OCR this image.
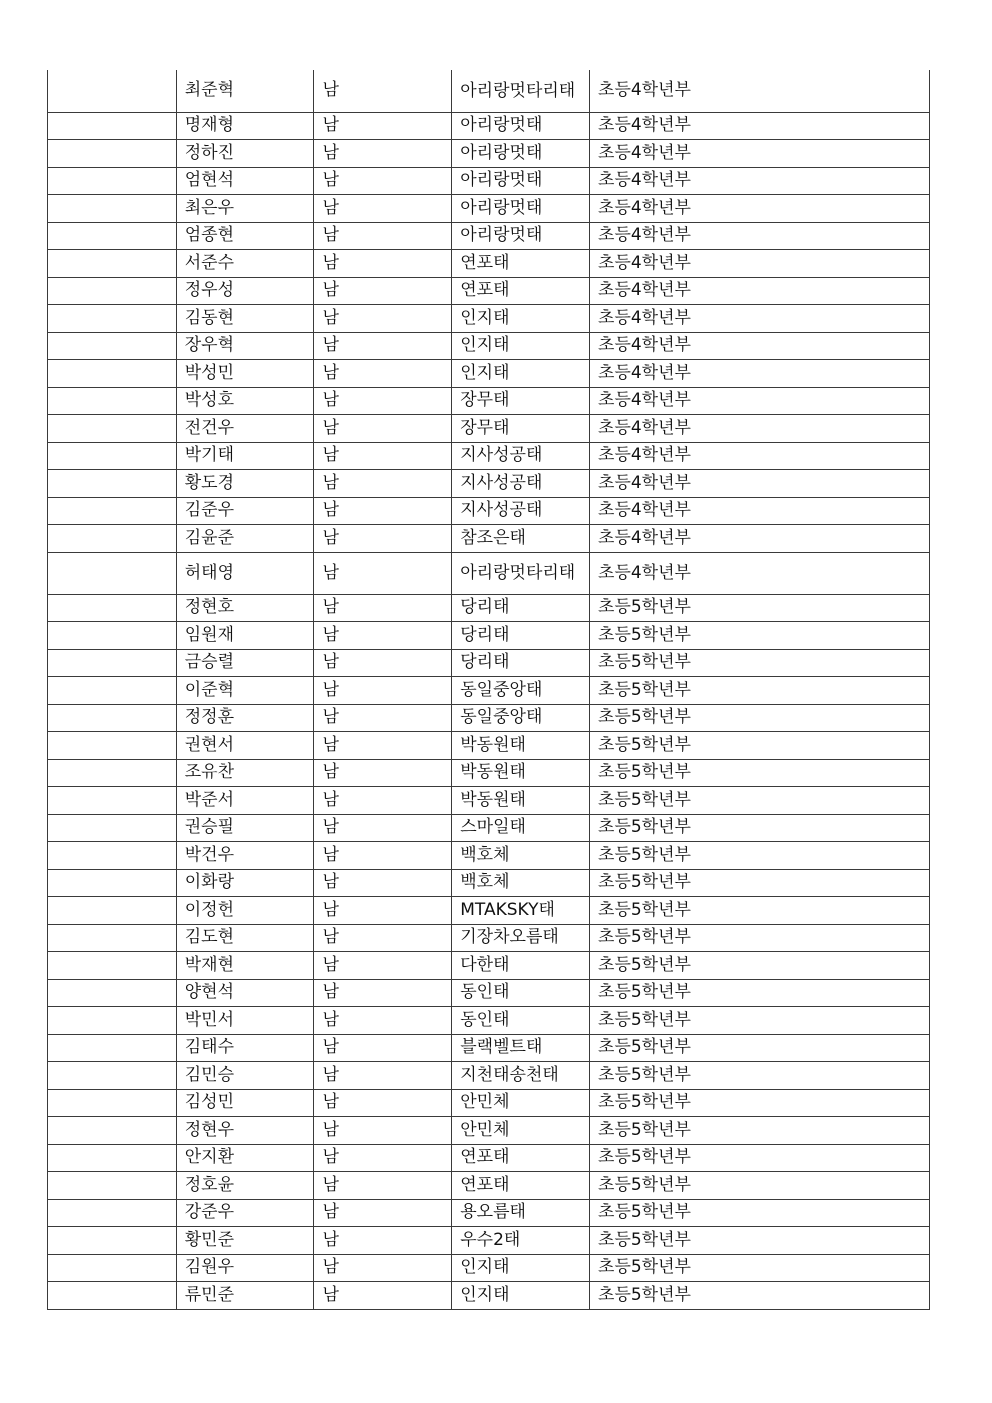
	최준혁	남	아리랑멋타리태	초등4학년부
	명재형	남	아리랑멋태	초등4학년부
	정하진	남	아리랑멋태	초등4학년부
	엄현석	남	아리랑멋태	초등4학년부
	최은우	남	아리랑멋태	초등4학년부
	엄종현	남	아리랑멋태	초등4학년부
	서준수	남	연포태	초등4학년부
	정우성	남	연포태	초등4학년부
	김동현	남	인지태	초등4학년부
	장우혁	남	인지태	초등4학년부
	박성민	남	인지태	초등4학년부
	박성호	남	장무태	초등4학년부
	전건우	남	장무태	초등4학년부
	박기태	남	지사성공태	초등4학년부
	황도경	남	지사성공태	초등4학년부
	김준우	남	지사성공태	초등4학년부
	김윤준	남	참조은태	초등4학년부
	허태영	남	아리랑멋타리태	초등4학년부
	정현호	남	당리태	초등5학년부
	임원재	남	당리태	초등5학년부
	금승렬	남	당리태	초등5학년부
	이준혁	남	동일중앙태	초등5학년부
	정정훈	남	동일중앙태	초등5학년부
	권현서	남	박동원태	초등5학년부
	조유찬	남	박동원태	초등5학년부
	박준서	남	박동원태	초등5학년부
	권승필	남	스마일태	초등5학년부
	박건우	남	백호체	초등5학년부
	이화랑	남	백호체	초등5학년부
	이정헌	남	MTAKSKY태	초등5학년부
	김도현	남	기장차오름태	초등5학년부
	박재현	남	다한태	초등5학년부
	양현석	남	동인태	초등5학년부
	박민서	남	동인태	초등5학년부
	김태수	남	블랙벨트태	초등5학년부
	김민승	남	지천태송천태	초등5학년부
	김성민	남	안민체	초등5학년부
	정현우	남	안민체	초등5학년부
	안지환	남	연포태	초등5학년부
	정호윤	남	연포태	초등5학년부
	강준우	남	용오름태	초등5학년부
	황민준	남	우수2태	초등5학년부
	김원우	남	인지태	초등5학년부
	류민준	남	인지태	초등5학년부
